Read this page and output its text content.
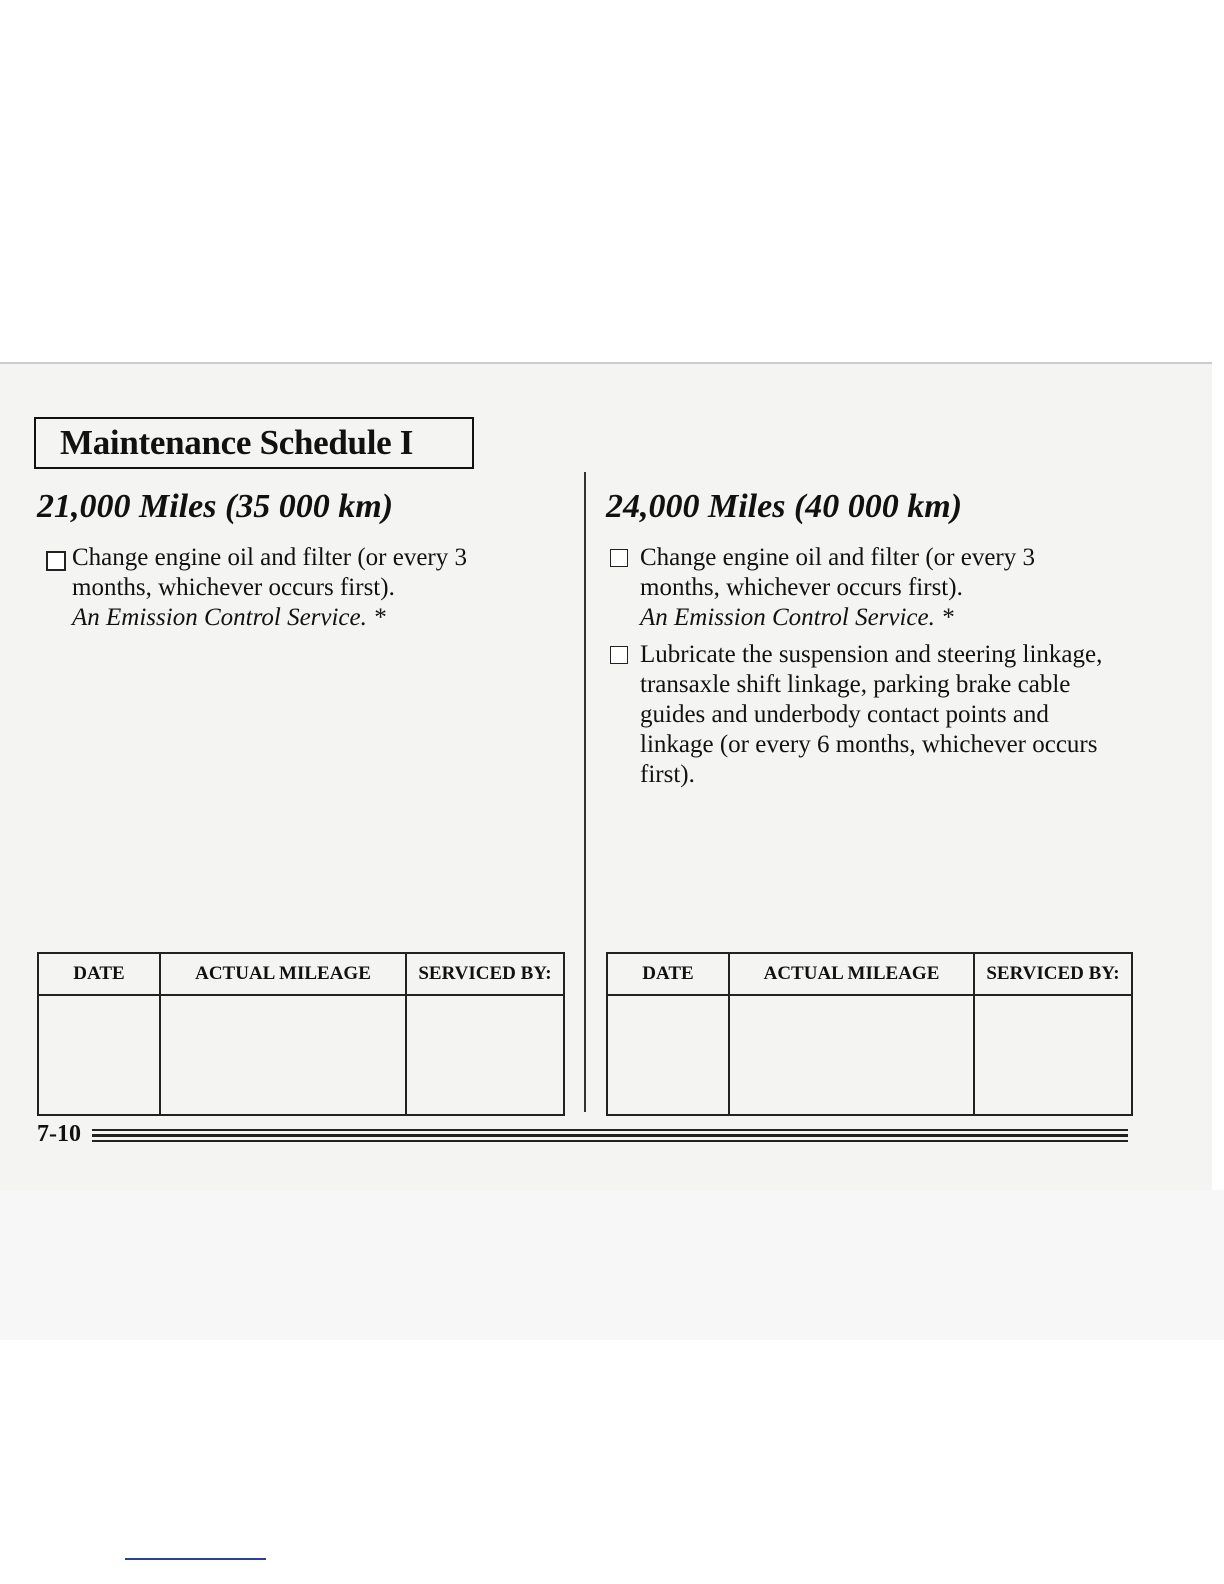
Maintenance Schedule I
21,000 Miles (35 000 km)
Change engine oil and filter (or every 3 months, whichever occurs first).
An Emission Control Service. *
DATE	ACTUAL MILEAGE	SERVICED BY:

24,000 Miles (40 000 km)
Change engine oil and filter (or every 3 months, whichever occurs first).
An Emission Control Service. *
Lubricate the suspension and steering linkage, transaxle shift linkage, parking brake cable guides and underbody contact points and linkage (or every 6 months, whichever occurs first).
DATE	ACTUAL MILEAGE	SERVICED BY:

7-10
